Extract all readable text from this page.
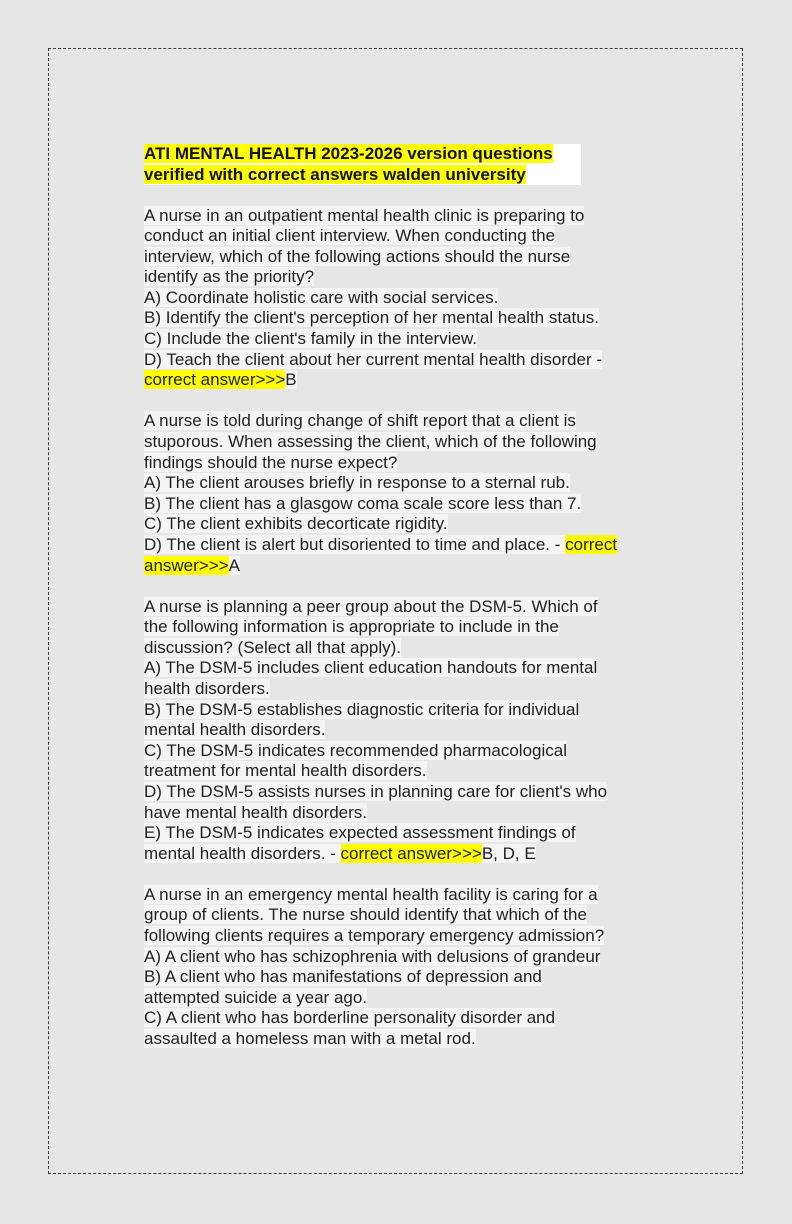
ATI MENTAL HEALTH 2023-2026 version questions
verified with correct answers walden university
A nurse in an outpatient mental health clinic is preparing to
conduct an initial client interview. When conducting the
interview, which of the following actions should the nurse
identify as the priority?
A) Coordinate holistic care with social services.
B) Identify the client's perception of her mental health status.
C) Include the client's family in the interview.
D) Teach the client about her current mental health disorder -
correct answer>>>B
A nurse is told during change of shift report that a client is
stuporous. When assessing the client, which of the following
findings should the nurse expect?
A) The client arouses briefly in response to a sternal rub.
B) The client has a glasgow coma scale score less than 7.
C) The client exhibits decorticate rigidity.
D) The client is alert but disoriented to time and place. - correct
answer>>>A
A nurse is planning a peer group about the DSM-5. Which of
the following information is appropriate to include in the
discussion? (Select all that apply).
A) The DSM-5 includes client education handouts for mental
health disorders.
B) The DSM-5 establishes diagnostic criteria for individual
mental health disorders.
C) The DSM-5 indicates recommended pharmacological
treatment for mental health disorders.
D) The DSM-5 assists nurses in planning care for client's who
have mental health disorders.
E) The DSM-5 indicates expected assessment findings of
mental health disorders. - correct answer>>>B, D, E
A nurse in an emergency mental health facility is caring for a
group of clients. The nurse should identify that which of the
following clients requires a temporary emergency admission?
A) A client who has schizophrenia with delusions of grandeur
B) A client who has manifestations of depression and
attempted suicide a year ago.
C) A client who has borderline personality disorder and
assaulted a homeless man with a metal rod.
